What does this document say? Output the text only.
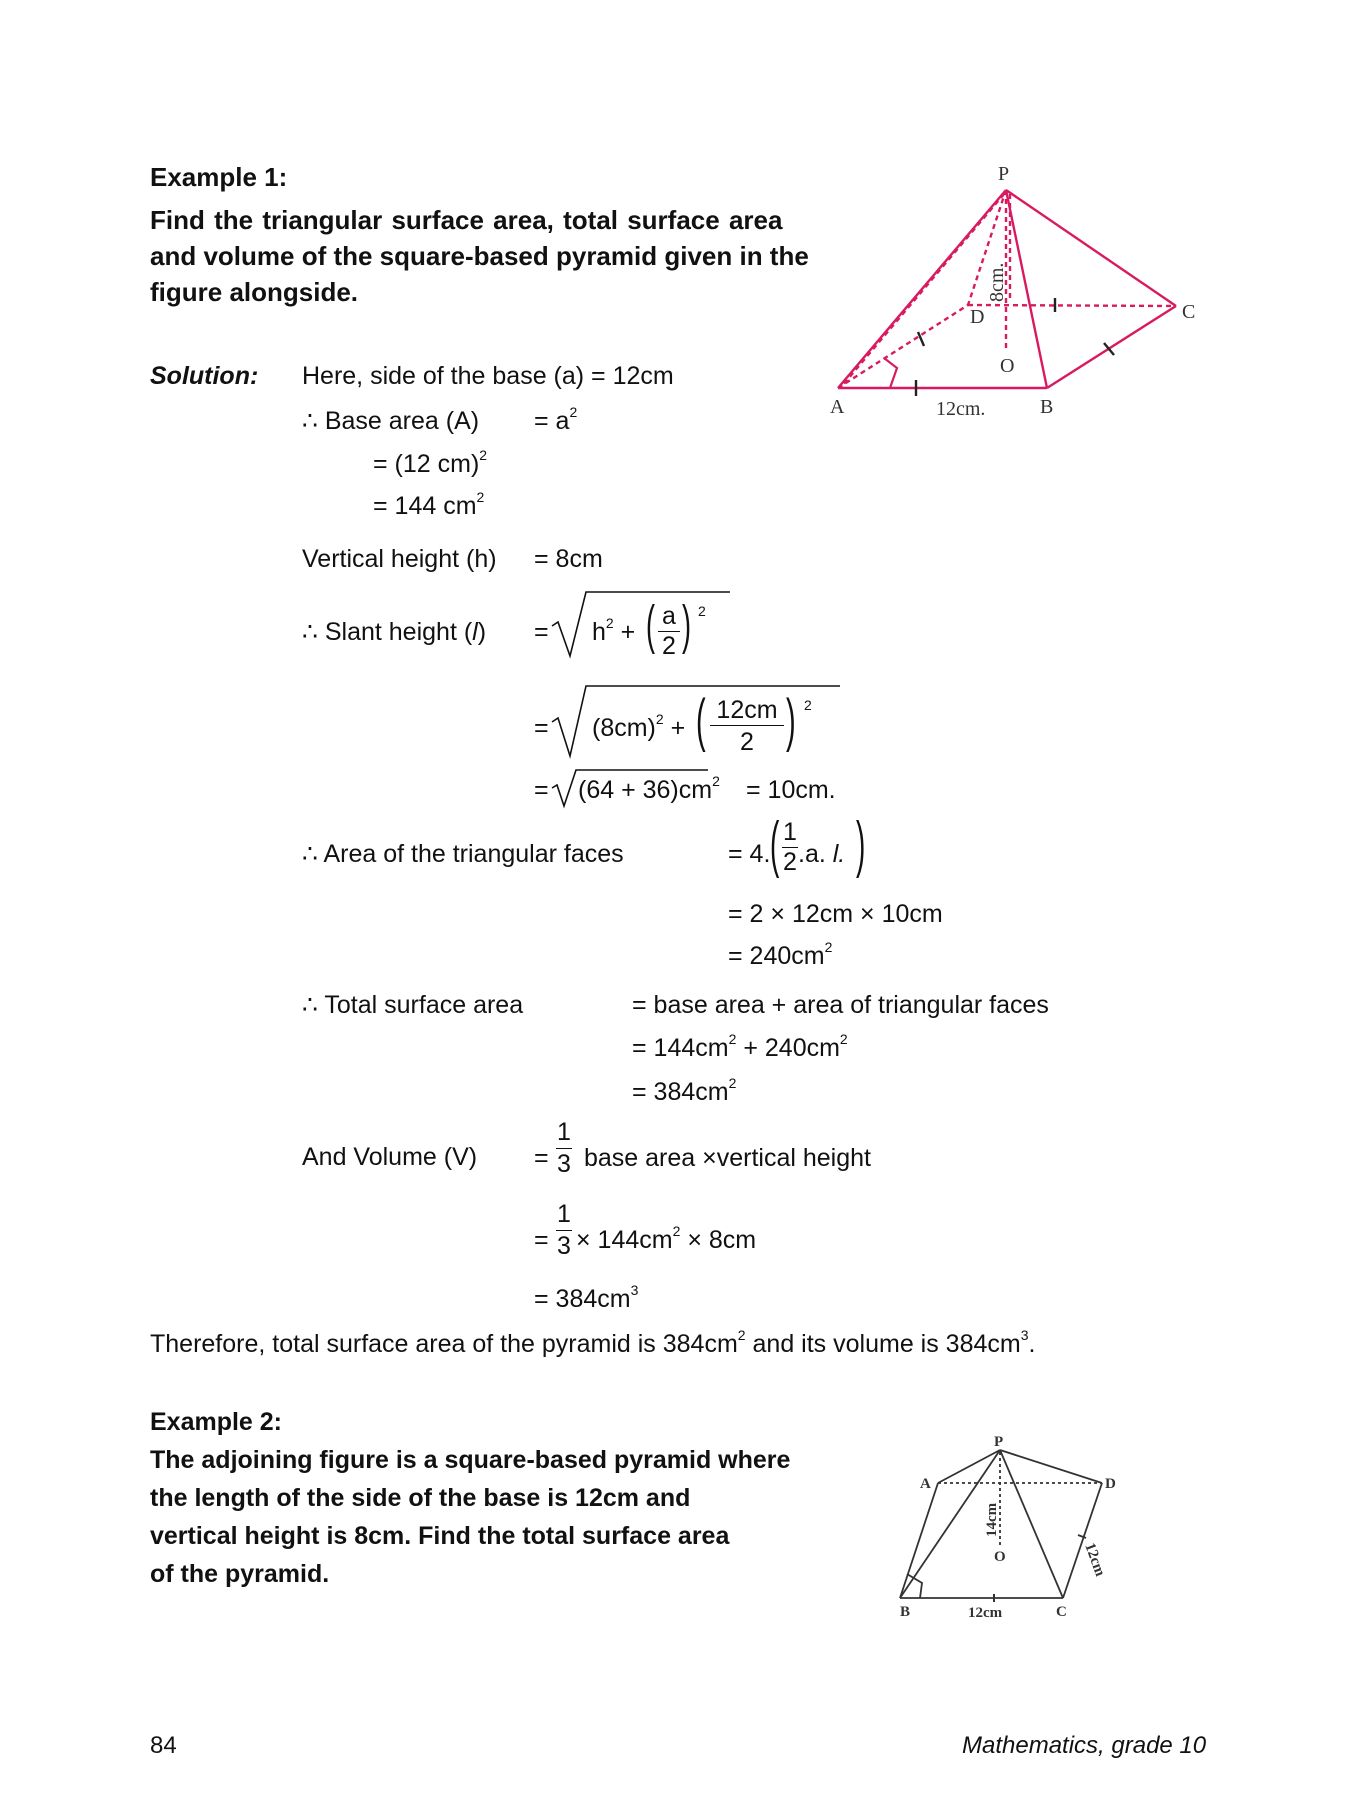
Example 1:
Find the triangular surface area, total surface area
and volume of the square-based pyramid given in the
figure alongside.
P
A	B
C
D
O
12cm.
8cm.
Solution: Here, side of the base (a) = 12cm
∴ Base area $(A) = a^2$
= (12 cm)$^2$
= 144 $cm^2$
Vertical height (h) = 8cm
∴ Slant height $(l) = h^2$ + ( a
2 ) 2
= $(8cm)^2$ + ( 12cm
2 ) 2
= $(64 + 36)cm^2 = 10cm$.
∴ Area of the triangular faces	= 4. ( 1
2 .a. l. )
= 2 × 12cm × 10cm
= $240cm^2$
∴ Total surface area	= base area + area of triangular faces
= $144cm^2 + 240cm^2$
= $384cm^2$
And Volume (V) =
1
3 base area ×vertical height
=
1
$3 \times 144cm^2 \times 8cm$
= $384cm^3$
Therefore, total surface area of the pyramid is $384cm^2$ and its volume is $384cm^3$.
Example 2:
The adjoining figure is a square-based pyramid where
the length of the side of the base is 12cm and
vertical height is 8cm. Find the total surface area
of the pyramid.
P
A	D
B	C
O
12cm
14cm
12cm
84	Mathematics, grade 10
